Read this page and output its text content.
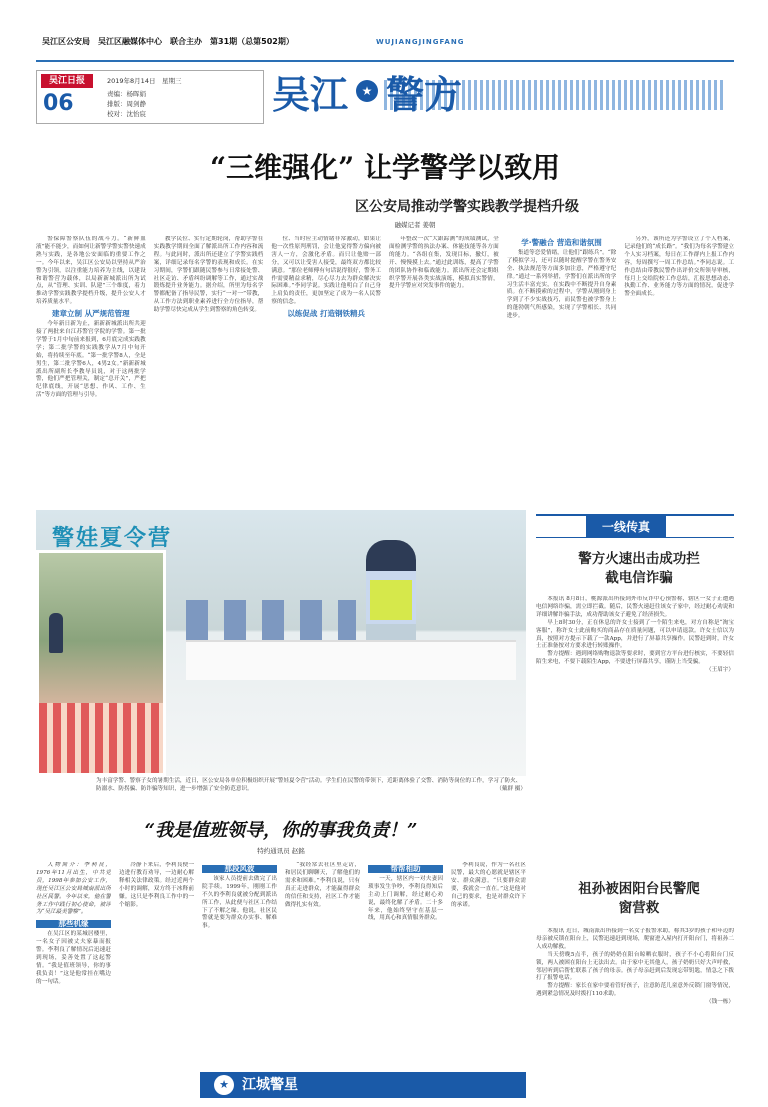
吴江区公安局　吴江区融媒体中心　联合主办　第31期（总第502期）	WUJIANGJINGFANG
吴江日报
06
2019年8月14日　星期三
责编：杨晖娟
排版：周剑静
校对：沈怡宸	吴江	★ 警方
“三维强化” 让学警学以致用
区公安局推动学警实践教学提档升级
融媒记者 姜朝

警保障警察队伍的战斗力。“新鲜血液”能不能少，而如何让新警学警实警快速成熟与实践，是各地公安面临的重要工作之一。今年以来，吴江区公安局以坚持从严治警为引领，以注重能力培养为主线，以建设和谐警营为载体，以局新新城派出所为试点，从“管理、实训、队建”三个维度，着力推动学警实践教学提档升级，提升公安人才培养质量水平。

建章立制 从严规范管理

今年新日新为止，新新新城派出所共迎接了两批来自江苏警官学院的学警。第一批学警于1月中旬前来报到，6月底完成实践教学；第二批学警的实践教学从7月中旬开始，将持续至年底。“第一批学警8人，全是男生，第二批学警6人，4男2女。”新新新城派出所副所长李教导员说，对于这两批学警，他们严把管理关，制定“总开关”，严把纪律底线，开展“思想、作风、工作、生活”等方面的管理与引导。

教学民位、实行定期轮岗，帮助学警在实践教学期间全面了解派出所工作内容和流程。与此同时，派出所还建立了学警实践档案，详细记录每名学警的表现和成长。在实习期间，学警们跟随民警参与日常接处警、社区走访、矛盾纠纷调解等工作，通过实战锻炼提升业务能力。据介绍，所里为每名学警都配备了指导民警，实行“一对一”带教，从工作方法到职业素养进行全方位指导，帮助学警尽快完成从学生到警察的角色转变。

位、当时应主动情绪非常激动，如果让他一次性原判刑罚，会让他觉得警方偏向被害人一方，会激化矛盾。而只让他赔一部分，又可以让受害人接受，最终双方都比较满意。“那位老师傅有句话说得很好，警务工作需要精益求精，尽心尽力去为群众解决实际困难。”李同学说。实践让他明白了自己身上肩负的责任，更加坚定了成为一名人民警察的信念。

以练促战 打造钢铁精兵

年整改一次“大跟踪测”的成绩测试，全面检测学警的执法办案、体能技能等各方面的能力。“各组在集，发现目标，撤灯，被开、慢慢摸上去。”通过此训练，提高了学警的团队协作和临战能力。派出所还会定期组织学警开展各类实战演练，模拟真实警情，提升学警应对突发事件的能力。

学·警融合 营造和谐氛围

集道等恋爱情绪，让他们“跟练兵”。“除了模拟学习，还可以随时提醒学警在警务安全、执法规范等方面多加注意，严格遵守纪律。”通过一系列举措，学警们在派出所的学习生活丰富充实，在实践中不断提升自身素质。在不断摸索的过程中，学警从刚到身上学到了不少实战技巧，而民警也被学警身上的蓬勃朝气所感染，实现了学警相长、共同进步。

另外，该所还为学警设立了个人档案，记录他们的“成长路”。“我们为每名学警建立个人实习档案，每日在工作群内上报工作内容，每周撰写一周工作总结。”李同志说。工作总结由带教民警作出评价交所领导审核，每月上交给院校工作总结，汇报思想动态、执勤工作、业务能力等方面的情况，促进学警全面成长。

警娃夏令营
为丰富学警、警察子女的暑期生活，近日，区公安局各单位积极组织开展“警娃夏令营”活动。学生们在民警的带领下，近距离体验了交警、消防等岗位的工作，学习了防火、防溺水、防拐骗、防诈骗等知识，进一步增强了安全防范意识。	（戴群 摄）
一线传真
警方火速出击成功拦截电信诈骗

本报讯 8月8日，桃源派出所接到外市反诈中心预警称，辖区一女子正遭遇电信网络诈骗，需立即拦截。随后，民警火速赶往该女子家中，经过耐心劝说和详细讲解诈骗手法，成功帮助该女子避免了经济损失。

早上8时30分，正在休息的许女士接到了一个陌生来电，对方自称是“淘宝客服”，称许女士此前购买的商品存在质量问题，可以申请退款。许女士信以为真，按照对方提示下载了一款App，并进行了屏幕共享操作。民警赶到时，许女士正准备按对方要求进行转账操作。

警方提醒：遇到网络购物退款等要求时，要到官方平台进行核实，不要轻信陌生来电，不要下载陌生App，不要进行屏幕共享，谨防上当受骗。

（王眉宇）
祖孙被困阳台民警爬窗营救

本报讯 近日，城南派出所接到一名女子报警求助，称其3岁的孩子和年迈的母亲被反锁在阳台上，民警迅速赶到现场，爬窗进入屋内打开阳台门，将祖孙二人成功解救。

当天傍晚5点半，孩子的奶奶在阳台晾晒衣服时，孩子不小心将阳台门反锁，两人被困在阳台上无法出去。由于家中无其他人，孩子奶奶只好大声呼救，邻居听到后帮忙联系了孩子的母亲。孩子母亲赶到后发现忘带钥匙，情急之下拨打了报警电话。

警方提醒：家长在家中要看管好孩子，注意防范儿童意外反锁门窗等情况，遇到紧急情况及时拨打110求助。

（钱一栋）
“我是值班领导，你的事我负责！”
特约通讯员 赵銘

人物简介：李利良，1976年11月出生，中共党员，1998年参加公安工作，现任吴江区公安局城南派出所社区民警。今年以来，他在警务工作中践行初心使命，被评为“吴江最美警察”。

那些机缘

在吴江区的某城居楼里，一名女子因被丈夫家暴而报警。李利良了解情况后迅速赶到现场，妥善处置了这起警情。“我是值班领导，你的事我负责！”这是他常挂在嘴边的一句话。

冷静下来后，李利良便一边进行教育劝导，一边耐心解释相关法律政策。经过近两个小时的调解，双方终于冰释前嫌。这只是李利良工作中的一个缩影。

那段风波

该家人员提前去做完了出院手续。1999年，刚刚工作不久的李利良就被分配到派出所工作，从此便与社区工作结下了不解之缘。他说，社区民警就是要为群众办实事、解难事。

“我经常去社区里走访，和居民们聊聊天，了解他们的需求和困难。”李利良说，只有真正走进群众，才能赢得群众的信任和支持，社区工作才能做得扎实有效。

帮帮相助

一天，辖区内一对夫妻因琐事发生争吵，李利良得知后主动上门调解，经过耐心劝说，最终化解了矛盾。二十多年来，他始终坚守在基层一线，用真心和真情服务群众。

李利良说，作为一名社区民警，最大的心愿就是辖区平安、群众满意。“只要群众需要，我就会一直在。”这是他对自己的要求，也是对群众许下的承诺。

★ 江城警星
